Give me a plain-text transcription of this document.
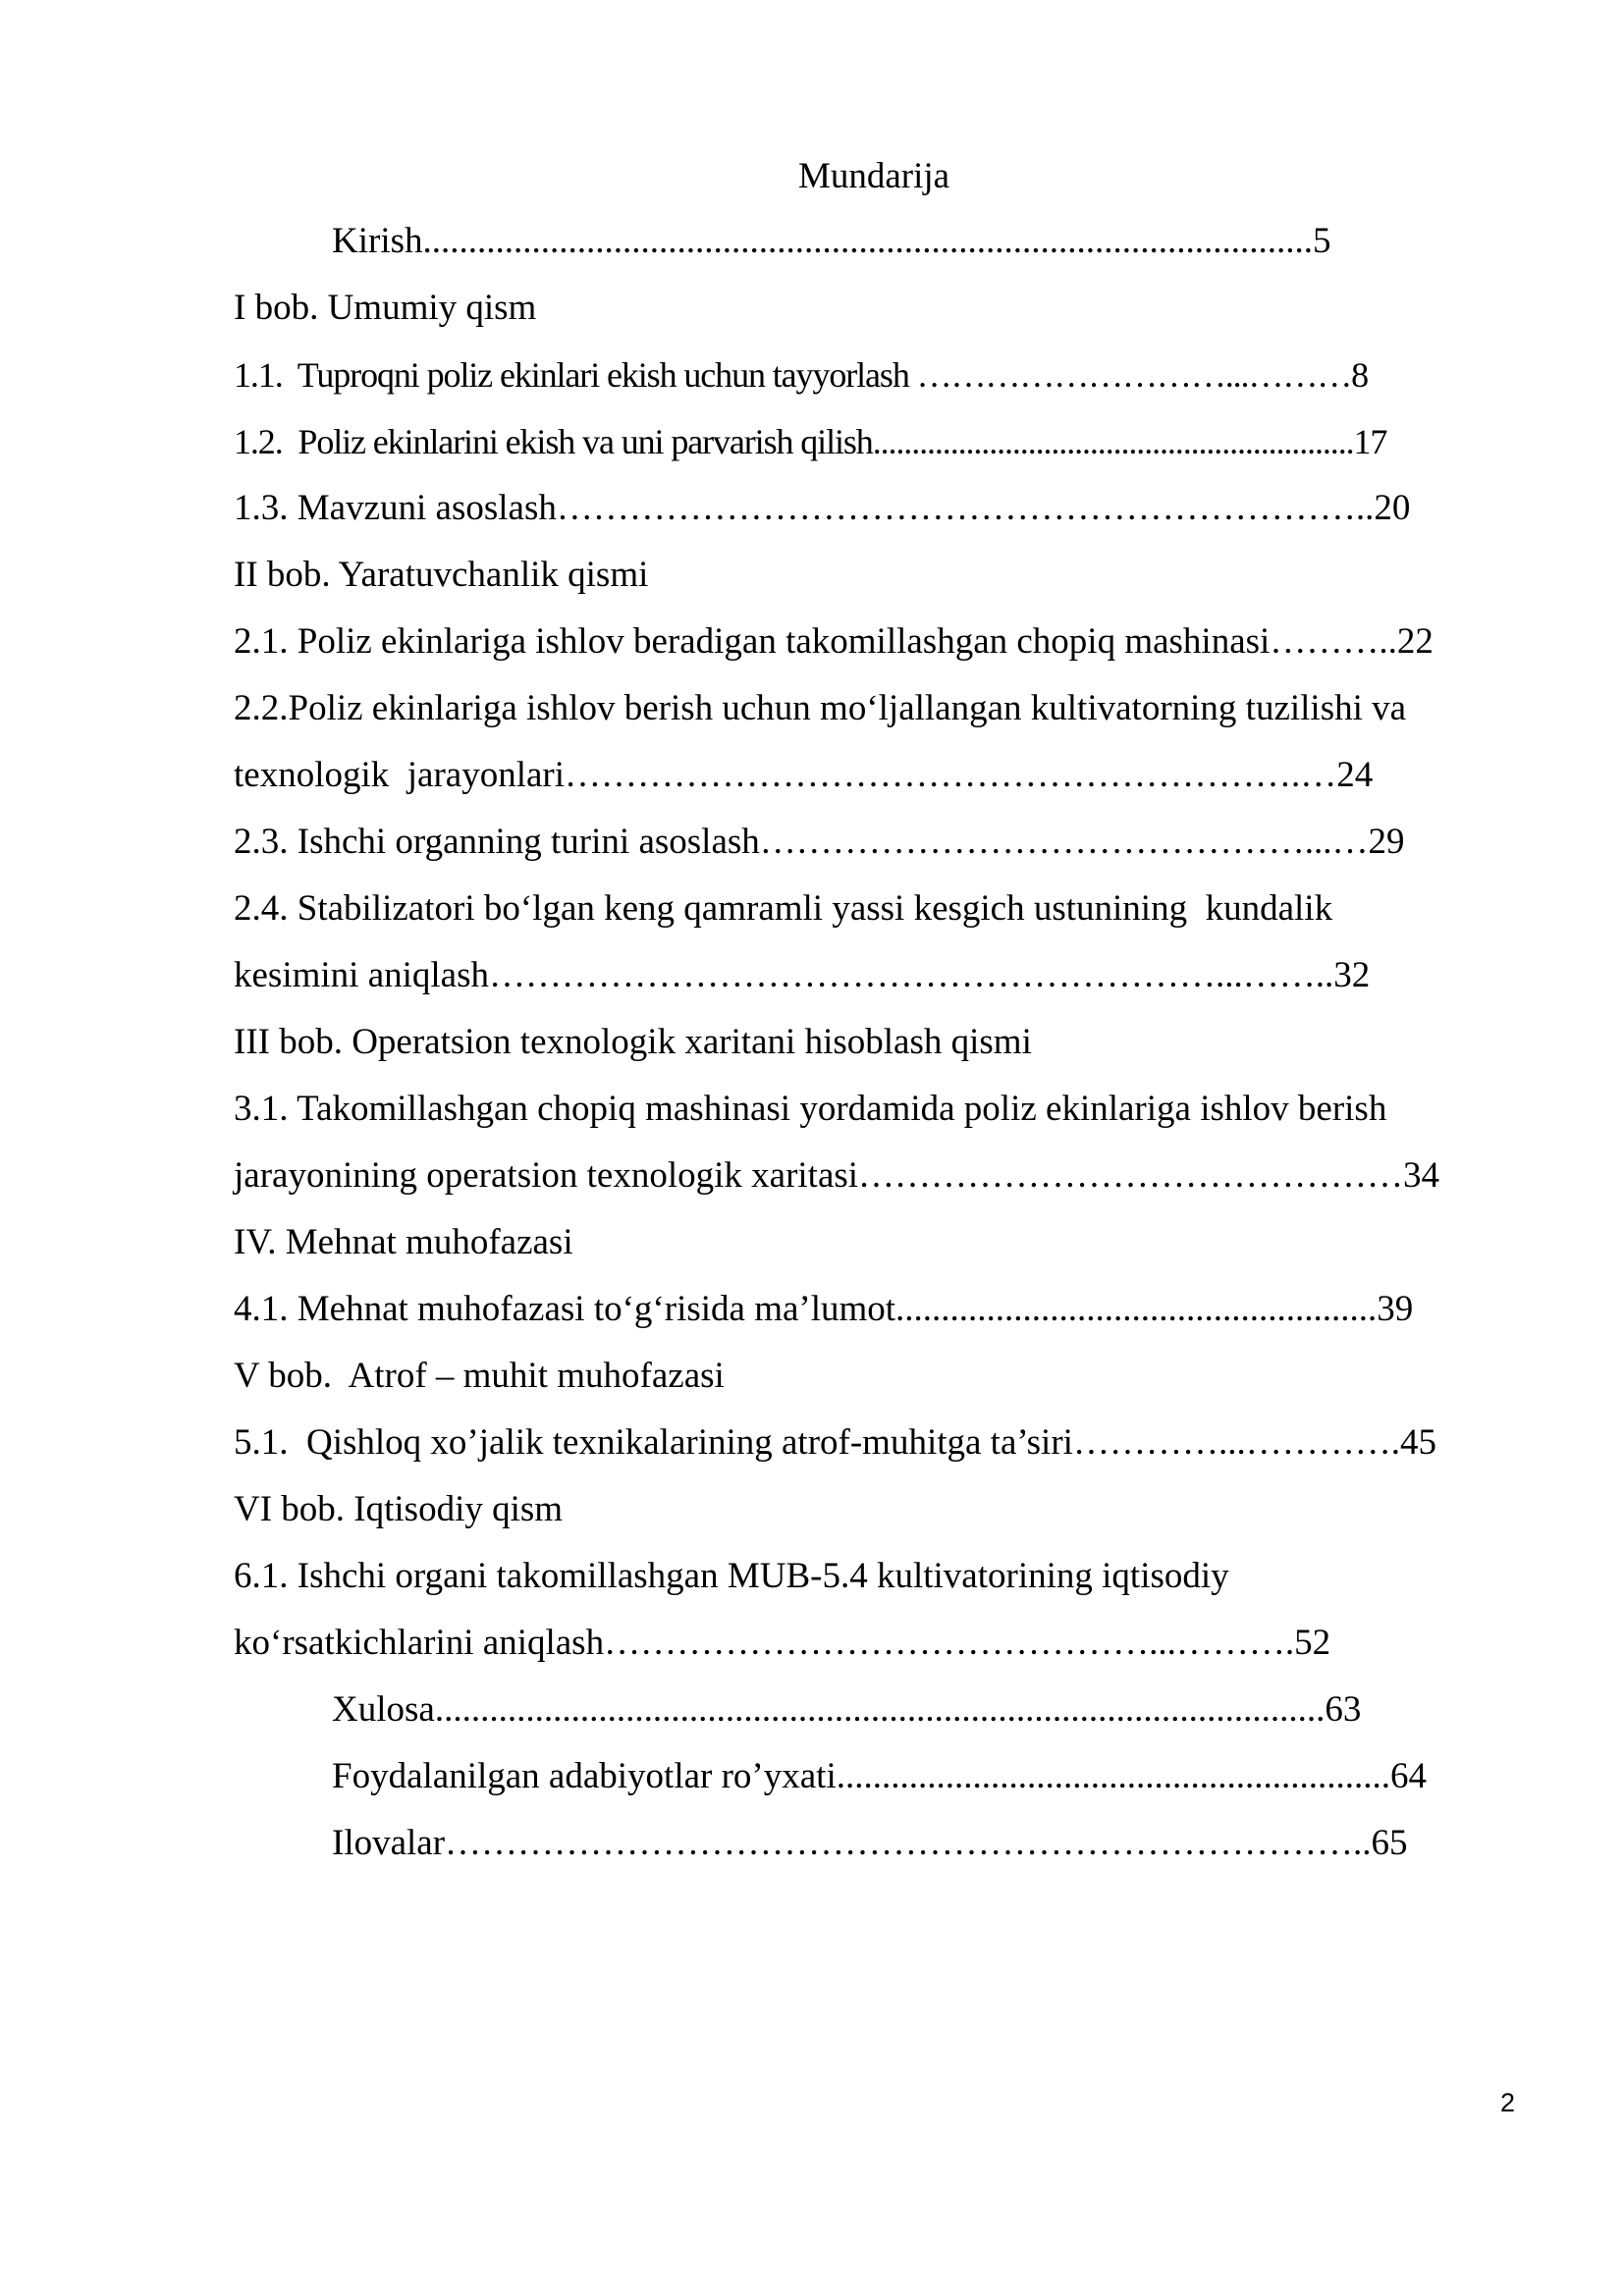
Mundarija
Kirish..................................................................................................5
I bob. Umumiy qism
1.1.  Tuproqni poliz ekinlari ekish uchun tayyorlash ………………………...………8
1.2.  Poliz ekinlarini ekish va uni parvarish qilish..............................................................17
1.3. Mavzuni asoslash…………………………………………………………..20
II bob. Yaratuvchanlik qismi
2.1. Poliz ekinlariga ishlov beradigan takomillashgan chopiq mashinasi………..22
2.2.Poliz ekinlariga ishlov berish uchun mo‘ljallangan kultivatorning tuzilishi va
texnologik  jarayonlari…………………………………………………….…24
2.3. Ishchi organning turini asoslash………………………………………...…29
2.4. Stabilizatori bo‘lgan keng qamramli yassi kesgich ustunining  kundalik
kesimini aniqlash……………………………………………………...……..32
III bob. Operatsion texnologik xaritani hisoblash qismi
3.1. Takomillashgan chopiq mashinasi yordamida poliz ekinlariga ishlov berish
jarayonining operatsion texnologik xaritasi………………………………………34
IV. Mehnat muhofazasi
4.1. Mehnat muhofazasi to‘g‘risida ma’lumot.....................................................39
V bob.  Atrof – muhit muhofazasi
5.1.  Qishloq xo’jalik texnikalarining atrof-muhitga ta’siri…………...………….45
VI bob. Iqtisodiy qism
6.1. Ishchi organi takomillashgan MUB-5.4 kultivatorining iqtisodiy
ko‘rsatkichlarini aniqlash………………………………………...……….52
Xulosa..................................................................................................63
Foydalanilgan adabiyotlar ro’yxati.............................................................64
Ilovalar…………………………………………………………………..65
2
